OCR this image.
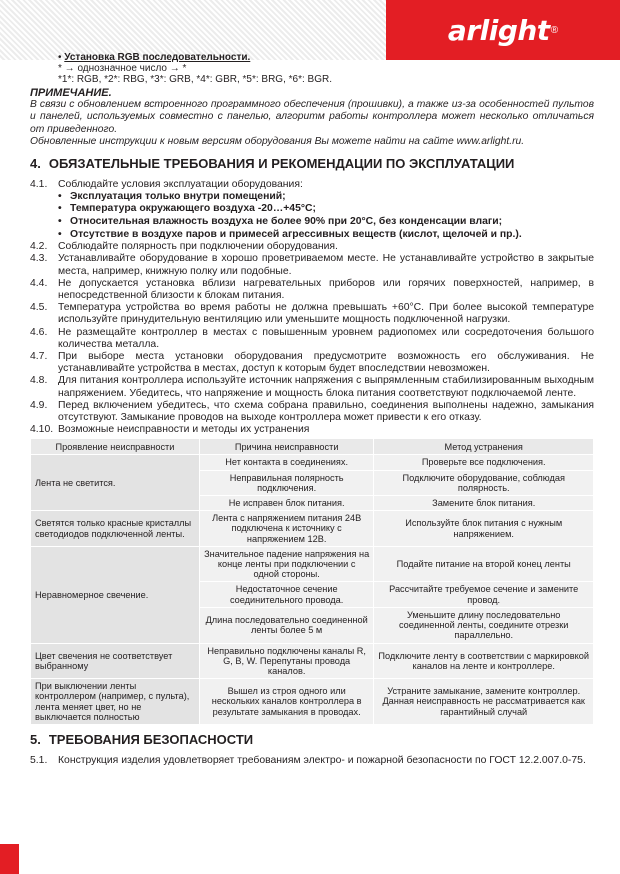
arlight ®
• Установка RGB последовательности.
* → однозначное число → *
*1*: RGB, *2*: RBG, *3*: GRB, *4*: GBR, *5*: BRG, *6*: BGR.
ПРИМЕЧАНИЕ.
В связи с обновлением встроенного программного обеспечения (прошивки), а также из-за особенностей пультов и панелей, используемых совместно с панелью, алгоритм работы контроллера может несколько отличаться от приведенного.
Обновленные инструкции к новым версиям оборудования Вы можете найти на сайте www.arlight.ru.
4. ОБЯЗАТЕЛЬНЫЕ ТРЕБОВАНИЯ И РЕКОМЕНДАЦИИ ПО ЭКСПЛУАТАЦИИ
4.1.	Соблюдайте условия эксплуатации оборудования:
• Эксплуатация только внутри помещений;
• Температура окружающего воздуха -20…+45°C;
• Относительная влажность воздуха не более 90% при 20°C, без конденсации влаги;
• Отсутствие в воздухе паров и примесей агрессивных веществ (кислот, щелочей и пр.).
4.2.	Соблюдайте полярность при подключении оборудования.
4.3.	Устанавливайте оборудование в хорошо проветриваемом месте. Не устанавливайте устройство в закрытые места, например, книжную полку или подобные.
4.4.	Не допускается установка вблизи нагревательных приборов или горячих поверхностей, например, в непосредственной близости к блокам питания.
4.5.	Температура устройства во время работы не должна превышать +60°C. При более высокой температуре используйте принудительную вентиляцию или уменьшите мощность подключенной нагрузки.
4.6.	Не размещайте контроллер в местах с повышенным уровнем радиопомех или сосредоточения большого количества металла.
4.7.	При выборе места установки оборудования предусмотрите возможность его обслуживания. Не устанавливайте устройства в местах, доступ к которым будет впоследствии невозможен.
4.8.	Для питания контроллера используйте источник напряжения с выпрямленным стабилизированным выходным напряжением. Убедитесь, что напряжение и мощность блока питания соответствуют подключаемой ленте.
4.9.	Перед включением убедитесь, что схема собрана правильно, соединения выполнены надежно, замыкания отсутствуют. Замыкание проводов на выходе контроллера может привести к его отказу.
4.10. Возможные неисправности и методы их устранения
Проявление неисправности	Причина неисправности	Метод устранения
Лента не светится.	Нет контакта в соединениях.	Проверьте все подключения.
	Неправильная полярность подключения.	Подключите оборудование, соблюдая полярность.
	Не исправен блок питания.	Замените блок питания.
Светятся только красные кристаллы светодиодов подключенной ленты.	Лента с напряжением питания 24В подключена к источнику с напряжением 12В.	Используйте блок питания с нужным напряжением.
Неравномерное свечение.	Значительное падение напряжения на конце ленты при подключении с одной стороны.	Подайте питание на второй конец ленты
	Недостаточное сечение соединительного провода.	Рассчитайте требуемое сечение и замените провод.
	Длина последовательно соединенной ленты более 5 м	Уменьшите длину последовательно соединенной ленты, соедините отрезки параллельно.
Цвет свечения не соответствует выбранному	Неправильно подключены каналы R, G, B, W. Перепутаны провода каналов.	Подключите ленту в соответствии с маркировкой каналов на ленте и контроллере.
При выключении ленты контроллером (например, с пульта), лента меняет цвет, но не выключается полностью	Вышел из строя одного или нескольких каналов контроллера в результате замыкания в проводах.	Устраните замыкание, замените контроллер. Данная неисправность не рассматривается как гарантийный случай
5. ТРЕБОВАНИЯ БЕЗОПАСНОСТИ
5.1.	Конструкция изделия удовлетворяет требованиям электро- и пожарной безопасности по ГОСТ 12.2.007.0-75.
